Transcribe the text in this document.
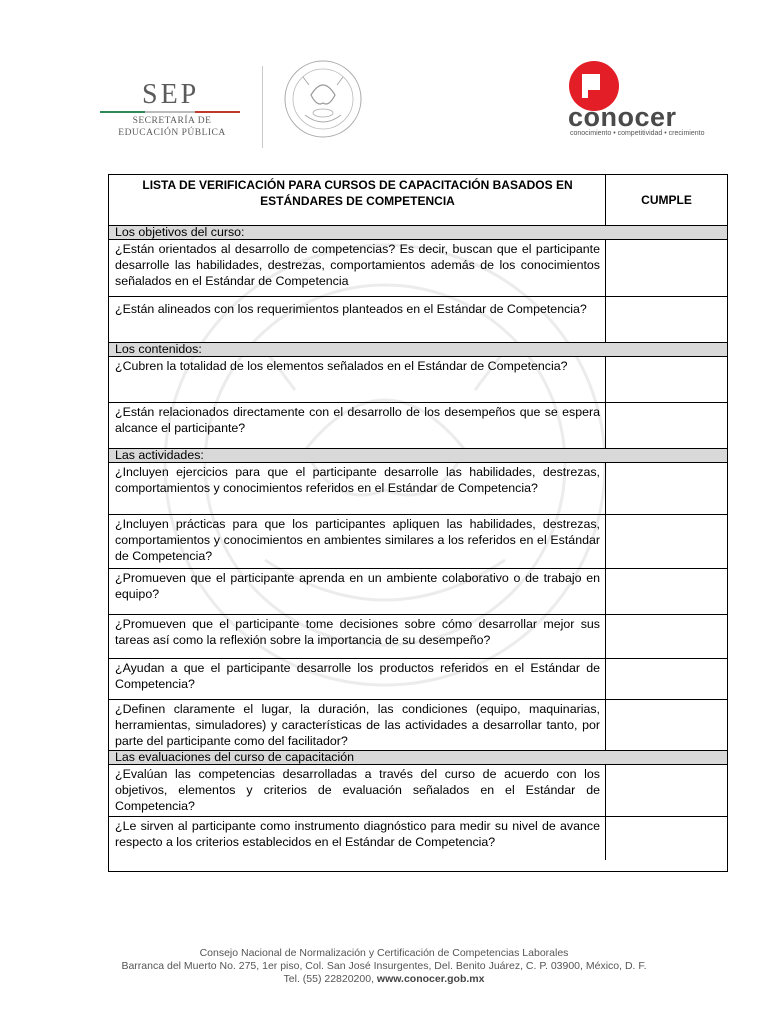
SEP
SECRETARÍA DE
EDUCACIÓN PÚBLICA
conocer
conocimiento • competitividad • crecimiento
LISTA DE VERIFICACIÓN PARA CURSOS DE CAPACITACIÓN BASADOS EN ESTÁNDARES DE COMPETENCIA	CUMPLE
Los objetivos del curso:
¿Están orientados al desarrollo de competencias? Es decir, buscan que el participante desarrolle las habilidades, destrezas, comportamientos además de los conocimientos señalados en el Estándar de Competencia
¿Están alineados con los requerimientos planteados en el Estándar de Competencia?
Los contenidos:
¿Cubren la totalidad de los elementos señalados en el Estándar de Competencia?
¿Están relacionados directamente con el desarrollo de los desempeños que se espera alcance el participante?
Las actividades:
¿Incluyen ejercicios para que el participante desarrolle las habilidades, destrezas, comportamientos y conocimientos referidos en el Estándar de Competencia?
¿Incluyen prácticas para que los participantes apliquen las habilidades, destrezas, comportamientos y conocimientos en ambientes similares a los referidos en el Estándar de Competencia?
¿Promueven que el participante aprenda en un ambiente colaborativo o de trabajo en equipo?
¿Promueven que el participante tome decisiones sobre cómo desarrollar mejor sus tareas así como la reflexión sobre la importancia de su desempeño?
¿Ayudan a que el participante desarrolle los productos referidos en el Estándar de Competencia?
¿Definen claramente el lugar, la duración, las condiciones (equipo, maquinarias, herramientas, simuladores) y características de las actividades a desarrollar tanto, por parte del participante como del facilitador?
Las evaluaciones del curso de capacitación
¿Evalúan las competencias desarrolladas a través del curso de acuerdo con los objetivos, elementos y criterios de evaluación señalados en el Estándar de Competencia?
¿Le sirven al participante como instrumento diagnóstico para medir su nivel de avance respecto a los criterios establecidos en el Estándar de Competencia?
Consejo Nacional de Normalización y Certificación de Competencias Laborales
Barranca del Muerto No. 275, 1er piso, Col. San José Insurgentes, Del. Benito Juárez, C. P. 03900, México, D. F.
Tel. (55) 22820200, www.conocer.gob.mx
